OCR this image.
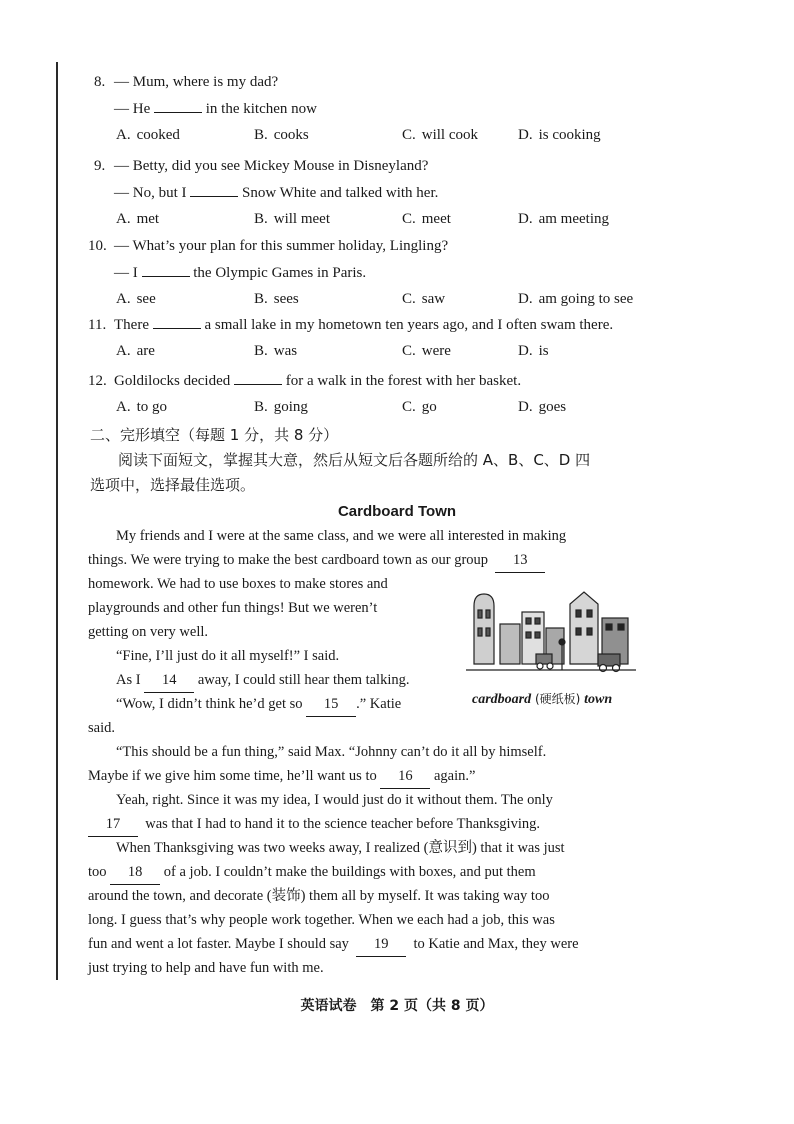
8. — Mum, where is my dad?
— He	in the kitchen now
A. cooked	B. cooks	C. will cook	D. is cooking
9. — Betty, did you see Mickey Mouse in Disneyland?
— No, but I	Snow White and talked with her.
A. met	B. will meet	C. meet	D. am meeting
10. — What’s your plan for this summer holiday, Lingling?
— I	the Olympic Games in Paris.
A. see	B. sees	C. saw	D. am going to see
11. There	a small lake in my hometown ten years ago, and I often swam there.
A. are	B. was	C. were	D. is
12. Goldilocks decided	for a walk in the forest with her basket.
A. to go	B. going	C. go	D. goes
二、完形填空（每题 1 分，共 8 分）
阅读下面短文，掌握其大意，然后从短文后各题所给的 A、B、C、D 四
选项中，选择最佳选项。
Cardboard Town
My friends and I were at the same class, and we were all interested in making
things. We were trying to make the best cardboard town as our group 13
homework. We had to use boxes to make stores and
playgrounds and other fun things! But we weren’t
getting on very well.
“Fine, I’ll just do it all myself!” I said.
As I 14 away, I could still hear them talking.
“Wow, I didn’t think he’d get so 15 .” Katie
said.
“This should be a fun thing,” said Max. “Johnny can’t do it all by himself.
Maybe if we give him some time, he’ll want us to 16 again.”
Yeah, right. Since it was my idea, I would just do it without them. The only
17 was that I had to hand it to the science teacher before Thanksgiving.
When Thanksgiving was two weeks away, I realized (意识到) that it was just
too 18 of a job. I couldn’t make the buildings with boxes, and put them
around the town, and decorate (装饰) them all by myself. It was taking way too
long. I guess that’s why people work together. When we each had a job, this was
fun and went a lot faster. Maybe I should say 19 to Katie and Max, they were
just trying to help and have fun with me.
cardboard (硬纸板) town
英语试卷　第 2 页（共 8 页）
